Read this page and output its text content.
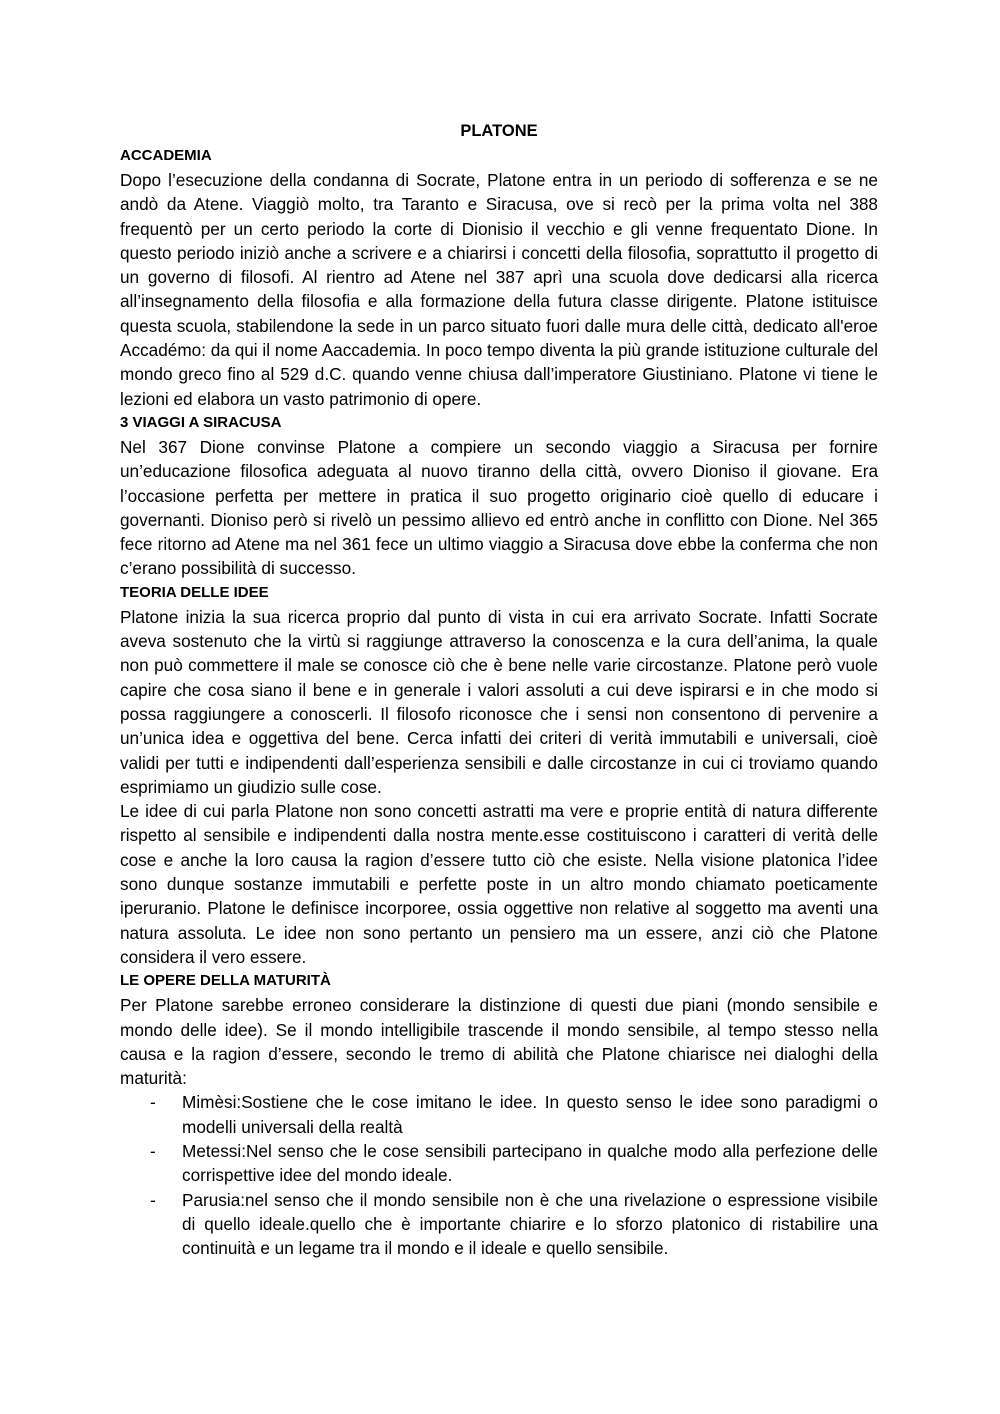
PLATONE

ACCADEMIA

Dopo l’esecuzione della condanna di Socrate, Platone entra in un periodo di sofferenza e se ne andò da Atene. Viaggiò molto, tra Taranto e Siracusa, ove si recò per la prima volta nel 388 frequentò per un certo periodo la corte di Dionisio il vecchio e gli venne frequentato Dione. In questo periodo iniziò anche a scrivere e a chiarirsi i concetti della filosofia, soprattutto il progetto di un governo di filosofi. Al rientro ad Atene nel 387 aprì una scuola dove dedicarsi alla ricerca all’insegnamento della filosofia e alla formazione della futura classe dirigente. Platone istituisce questa scuola, stabilendone la sede in un parco situato fuori dalle mura delle città, dedicato all'eroe Accadémo: da qui il nome Aaccademia. In poco tempo diventa la più grande istituzione culturale del mondo greco fino al 529 d.C. quando venne chiusa dall’imperatore Giustiniano. Platone vi tiene le lezioni ed elabora un vasto patrimonio di opere.

3 VIAGGI A SIRACUSA

Nel 367 Dione convinse Platone a compiere un secondo viaggio a Siracusa per fornire un’educazione filosofica adeguata al nuovo tiranno della città, ovvero Dioniso il giovane. Era l’occasione perfetta per mettere in pratica il suo progetto originario cioè quello di educare i governanti. Dioniso però si rivelò un pessimo allievo ed entrò anche in conflitto con Dione. Nel 365 fece ritorno ad Atene ma nel 361 fece un ultimo viaggio a Siracusa dove ebbe la conferma che non c’erano possibilità di successo.

TEORIA DELLE IDEE

Platone inizia la sua ricerca proprio dal punto di vista in cui era arrivato Socrate. Infatti Socrate aveva sostenuto che la virtù si raggiunge attraverso la conoscenza e la cura dell’anima, la quale non può commettere il male se conosce ciò che è bene nelle varie circostanze. Platone però vuole capire che cosa siano il bene e in generale i valori assoluti a cui deve ispirarsi e in che modo si possa raggiungere a conoscerli. Il filosofo riconosce che i sensi non consentono di pervenire a un’unica idea e oggettiva del bene. Cerca infatti dei criteri di verità immutabili e universali, cioè validi per tutti e indipendenti dall’esperienza sensibili e dalle circostanze in cui ci troviamo quando esprimiamo un giudizio sulle cose.

Le idee di cui parla Platone non sono concetti astratti ma vere e proprie entità di natura differente rispetto al sensibile e indipendenti dalla nostra mente.esse costituiscono i caratteri di verità delle cose e anche la loro causa la ragion d’essere tutto ciò che esiste. Nella visione platonica l’idee sono dunque sostanze immutabili e perfette poste in un altro mondo chiamato poeticamente iperuranio. Platone le definisce incorporee, ossia oggettive non relative al soggetto ma aventi una natura assoluta. Le idee non sono pertanto un pensiero ma un essere, anzi ciò che Platone considera il vero essere.

LE OPERE DELLA MATURITÀ

Per Platone sarebbe erroneo considerare la distinzione di questi due piani (mondo sensibile e mondo delle idee). Se il mondo intelligibile trascende il mondo sensibile, al tempo stesso nella causa e la ragion d’essere, secondo le tremo di abilità che Platone chiarisce nei dialoghi della maturità:

- Mimèsi:Sostiene che le cose imitano le idee. In questo senso le idee sono paradigmi o modelli universali della realtà
- Metessi:Nel senso che le cose sensibili partecipano in qualche modo alla perfezione delle corrispettive idee del mondo ideale.
- Parusia:nel senso che il mondo sensibile non è che una rivelazione o espressione visibile di quello ideale.quello che è importante chiarire e lo sforzo platonico di ristabilire una continuità e un legame tra il mondo e il ideale e quello sensibile.
